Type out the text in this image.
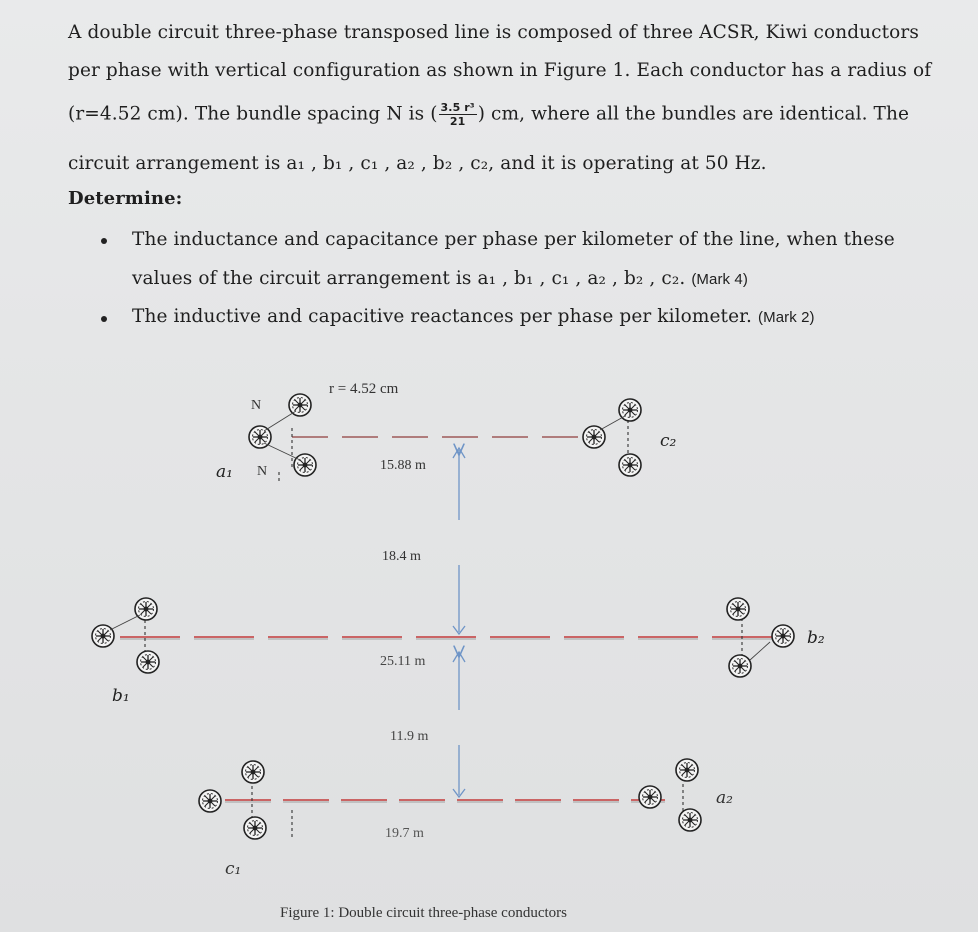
A double circuit three-phase transposed line is composed of three ACSR, Kiwi conductors
per phase with vertical configuration as shown in Figure 1. Each conductor has a radius of
(r=4.52 cm). The bundle spacing N is ( $\frac{\text{3.5 r³}}{21}$ ) cm, where all the bundles are identical. The
circuit arrangement is a₁ , b₁ , c₁ , a₂ , b₂ , c₂, and it is operating at 50 Hz.
Determine:
The inductance and capacitance per phase per kilometer of the line, when these
values of the circuit arrangement is a₁ , b₁ , c₁ , a₂ , b₂ , c₂. (Mark 4)
The inductive and capacitive reactances per phase per kilometer. (Mark 2)
r = 4.52 cm
N
N	15.88 m
18.4 m
25.11 m
11.9 m
19.7 m
a₁
c₂
b₁
b₂
a₂
c₁
Figure 1: Double circuit three-phase conductors
